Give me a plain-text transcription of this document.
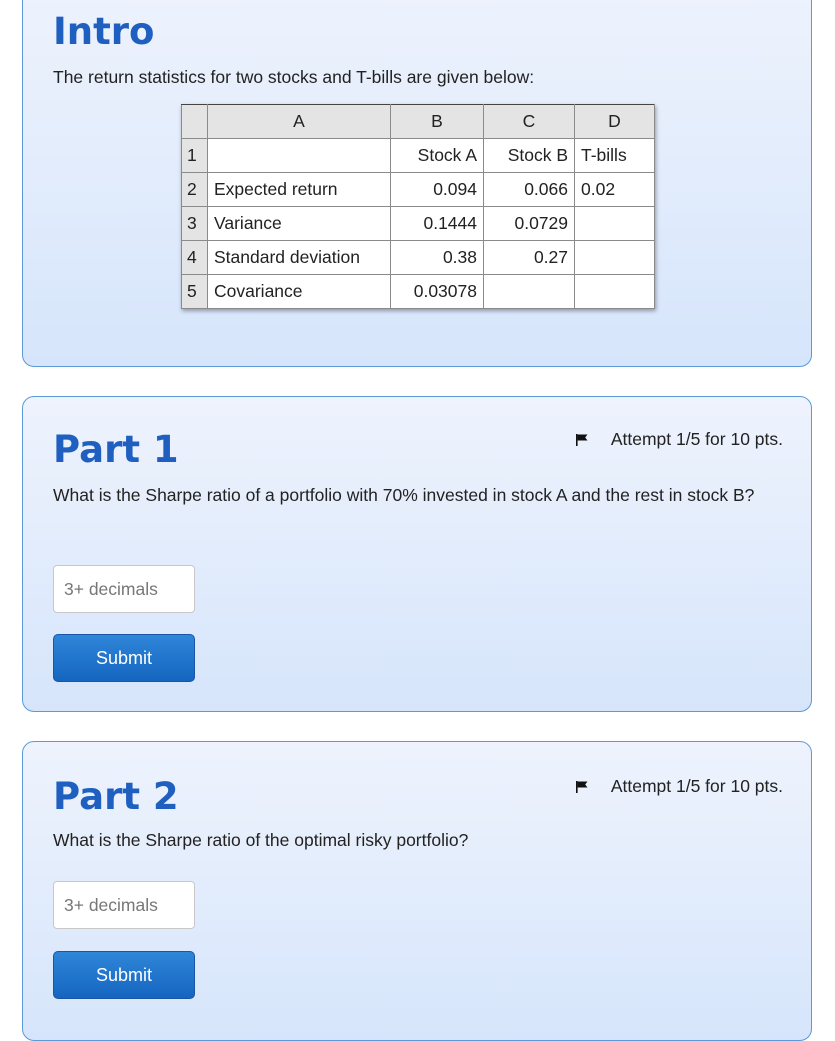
Intro
The return statistics for two stocks and T-bills are given below:
	A	B	C	D
1		Stock A	Stock B	T-bills
2	Expected return	0.094	0.066	0.02
3	Variance	0.1444	0.0729	
4	Standard deviation	0.38	0.27	
5	Covariance	0.03078		
Part 1	Attempt 1/5 for 10 pts.
What is the Sharpe ratio of a portfolio with 70% invested in stock A and the rest in stock B?
3+ decimals
Submit
Part 2	Attempt 1/5 for 10 pts.
What is the Sharpe ratio of the optimal risky portfolio?
3+ decimals
Submit
